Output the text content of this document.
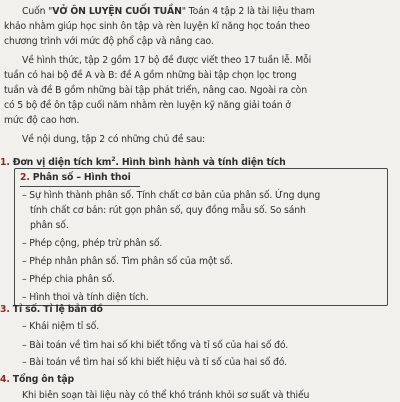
Cuốn "VỞ ÔN LUYỆN CUỐI TUẦN" Toán 4 tập 2 là tài liệu tham
khảo nhằm giúp học sinh ôn tập và rèn luyện kĩ năng học toán theo
chương trình với mức độ phổ cập và nâng cao.
Về hình thức, tập 2 gồm 17 bộ đề được viết theo 17 tuần lễ. Mỗi
tuần có hai bộ đề A và B: đề A gồm những bài tập chọn lọc trong
tuần và đề B gồm những bài tập phát triển, nâng cao. Ngoài ra còn
có 5 bộ đề ôn tập cuối năm nhằm rèn luyện kỹ năng giải toán ở
mức độ cao hơn.
Về nội dung, tập 2 có những chủ đề sau:
1. Đơn vị diện tích $km^2$. Hình bình hành và tính diện tích
2. Phân số – Hình thoi
– Sự hình thành phân số. Tính chất cơ bản của phân số. Ứng dụng
tính chất cơ bản: rút gọn phân số, quy đồng mẫu số. So sánh
phân số.
– Phép cộng, phép trừ phân số.
– Phép nhân phân số. Tìm phân số của một số.
– Phép chia phân số.
– Hình thoi và tính diện tích.
3. Tỉ số. Tỉ lệ bản đồ
– Khái niệm tỉ số.
– Bài toán về tìm hai số khi biết tổng và tỉ số của hai số đó.
– Bài toán về tìm hai số khi biết hiệu và tỉ số của hai số đó.
4. Tổng ôn tập
Khi biên soạn tài liệu này có thể khó tránh khỏi sơ suất và thiếu
